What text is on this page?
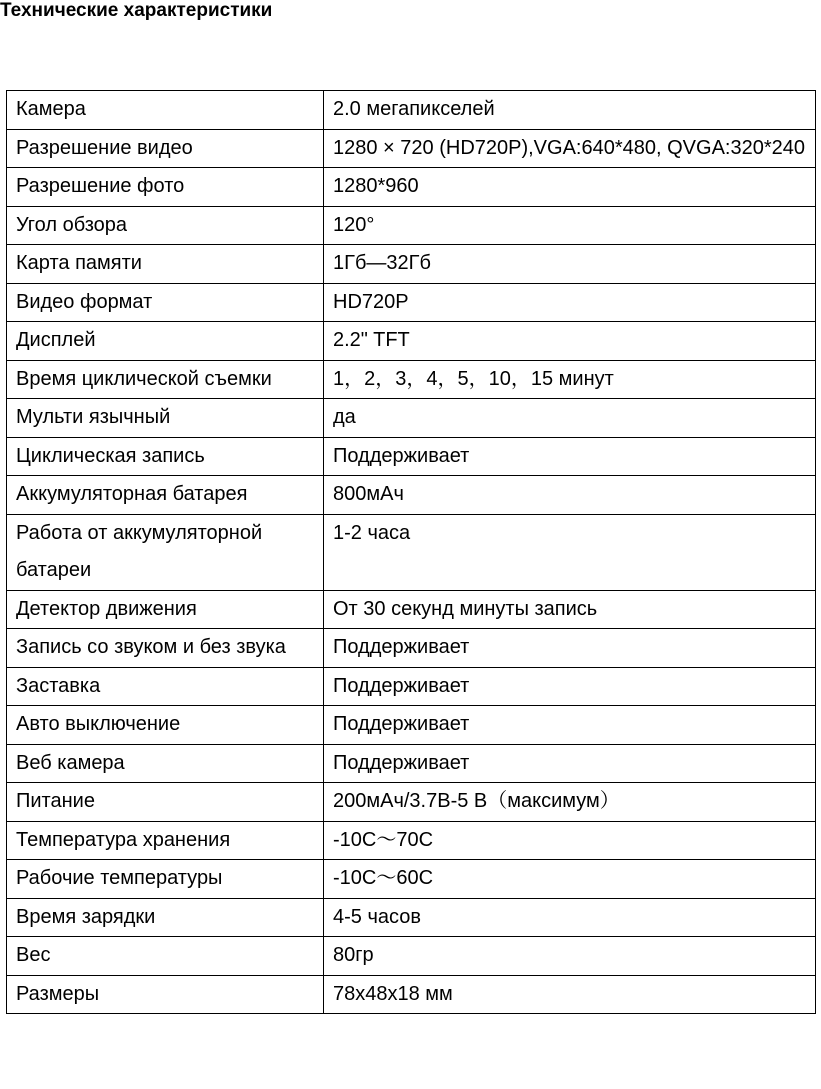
Технические характеристики
Камера	2.0 мегапикселей
Разрешение видео	1280 × 720 (HD720P),VGA:640*480, QVGA:320*240
Разрешение фото	1280*960
Угол обзора	120°
Карта памяти	1Гб—32Гб
Видео формат	HD720P
Дисплей	2.2" TFT
Время циклической съемки	1，2，3，4，5，10，15 минут
Мульти язычный	да
Циклическая запись	Поддерживает
Аккумуляторная батарея	800мАч
Работа от аккумуляторной батареи	1-2 часа
Детектор движения	От 30 секунд минуты запись
Запись со звуком и без звука	Поддерживает
Заставка	Поддерживает
Авто выключение	Поддерживает
Веб камера	Поддерживает
Питание	200мАч/3.7В-5 В（максимум）
Температура хранения	-10C～70C
Рабочие температуры	-10C～60C
Время зарядки	4-5 часов
Вес	80гр
Размеры	78x48x18 мм
